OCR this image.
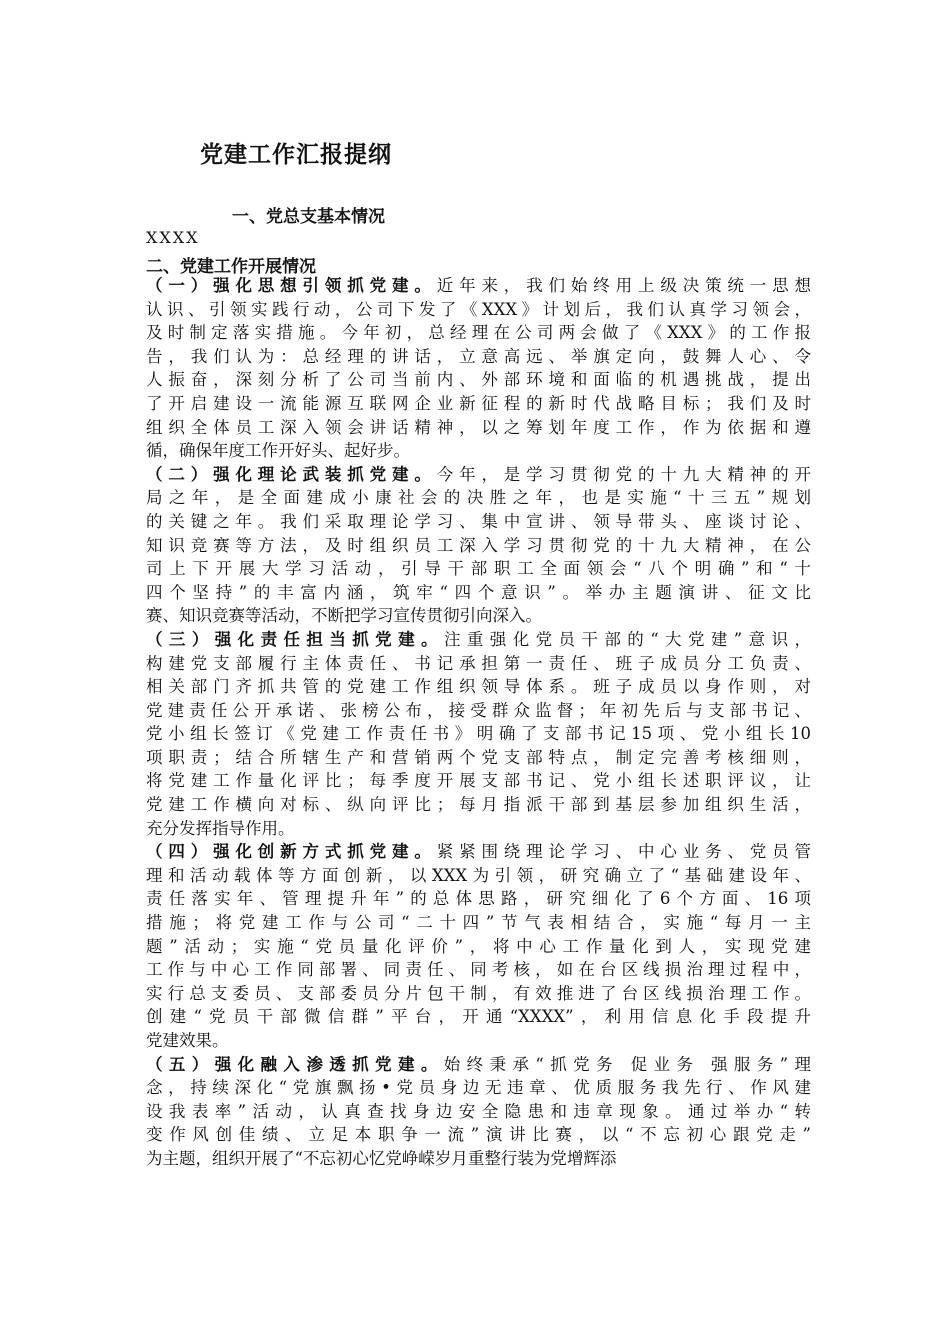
党建工作汇报提纲
一、党总支基本情况
XXXX
二、党建工作开展情况
（一）强化思想引领抓党建。近年来，我们始终用上级决策统一思想
认识、引领实践行动，公司下发了《XXX》计划后，我们认真学习领会，
及时制定落实措施。今年初，总经理在公司两会做了《XXX》的工作报
告，我们认为：总经理的讲话，立意高远、举旗定向，鼓舞人心、令
人振奋，深刻分析了公司当前内、外部环境和面临的机遇挑战，提出
了开启建设一流能源互联网企业新征程的新时代战略目标；我们及时
组织全体员工深入领会讲话精神，以之筹划年度工作，作为依据和遵
循，确保年度工作开好头、起好步。
（二）强化理论武装抓党建。今年，是学习贯彻党的十九大精神的开
局之年，是全面建成小康社会的决胜之年，也是实施“十三五”规划
的关键之年。我们采取理论学习、集中宣讲、领导带头、座谈讨论、
知识竞赛等方法，及时组织员工深入学习贯彻党的十九大精神，在公
司上下开展大学习活动，引导干部职工全面领会“八个明确”和“十
四个坚持”的丰富内涵，筑牢“四个意识”。举办主题演讲、征文比
赛、知识竞赛等活动，不断把学习宣传贯彻引向深入。
（三）强化责任担当抓党建。注重强化党员干部的“大党建”意识，
构建党支部履行主体责任、书记承担第一责任、班子成员分工负责、
相关部门齐抓共管的党建工作组织领导体系。班子成员以身作则，对
党建责任公开承诺、张榜公布，接受群众监督；年初先后与支部书记、
党小组长签订《党建工作责任书》明确了支部书记15项、党小组长10
项职责；结合所辖生产和营销两个党支部特点，制定完善考核细则，
将党建工作量化评比；每季度开展支部书记、党小组长述职评议，让
党建工作横向对标、纵向评比；每月指派干部到基层参加组织生活，
充分发挥指导作用。
（四）强化创新方式抓党建。紧紧围绕理论学习、中心业务、党员管
理和活动载体等方面创新，以XXX为引领，研究确立了“基础建设年、
责任落实年、管理提升年”的总体思路，研究细化了6个方面、16项
措施；将党建工作与公司“二十四”节气表相结合，实施“每月一主
题”活动；实施“党员量化评价”，将中心工作量化到人，实现党建
工作与中心工作同部署、同责任、同考核，如在台区线损治理过程中，
实行总支委员、支部委员分片包干制，有效推进了台区线损治理工作。
创建“党员干部微信群”平台，开通“XXXX”，利用信息化手段提升
党建效果。
（五）强化融入渗透抓党建。始终秉承“抓党务 促业务 强服务”理
念，持续深化“党旗飘扬•党员身边无违章、优质服务我先行、作风建
设我表率”活动，认真查找身边安全隐患和违章现象。通过举办“转
变作风创佳绩、立足本职争一流”演讲比赛，以“不忘初心跟党走”
为主题，组织开展了“不忘初心忆党峥嵘岁月重整行装为党增辉添
